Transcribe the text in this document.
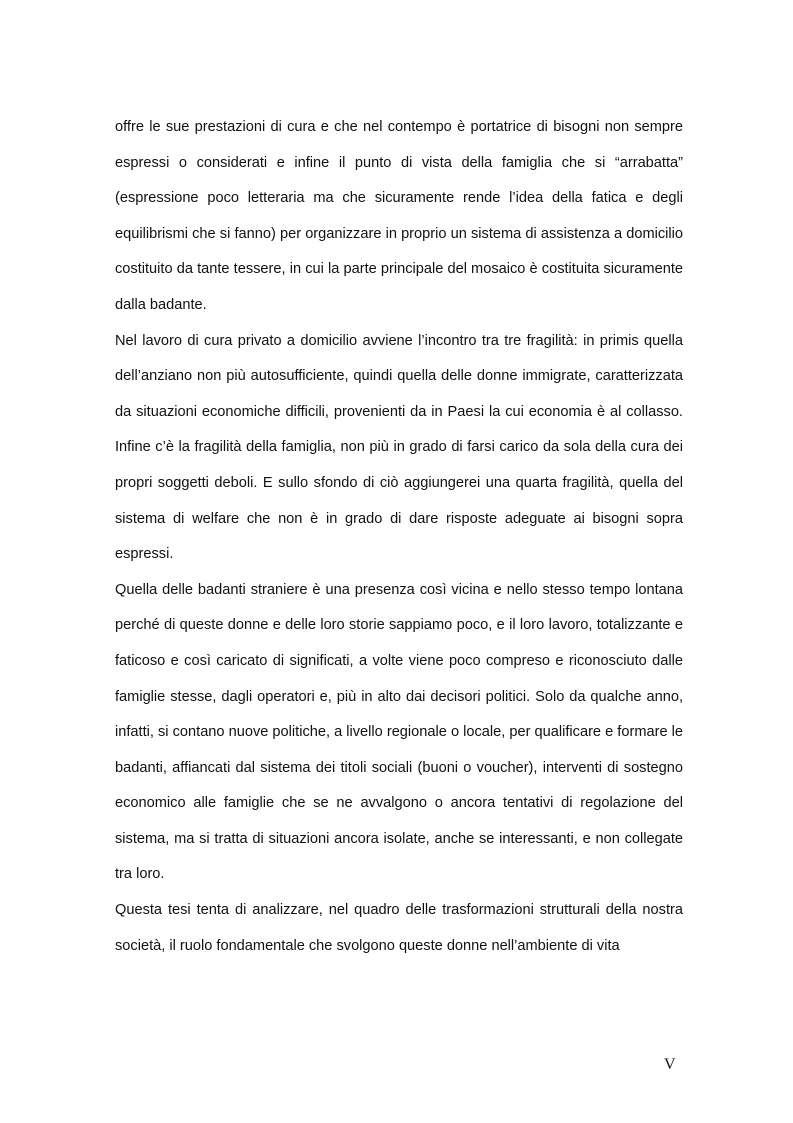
offre le sue prestazioni di cura e che nel contempo è portatrice di bisogni non sempre espressi o considerati e infine il punto di vista della famiglia che si “arrabatta” (espressione poco letteraria ma che sicuramente rende l’idea della fatica e degli equilibrismi che si fanno) per organizzare in proprio un sistema di assistenza a domicilio costituito da tante tessere, in cui la parte principale del mosaico è costituita sicuramente dalla badante.

Nel lavoro di cura privato a domicilio avviene l’incontro tra tre fragilità: in primis quella dell’anziano non più autosufficiente, quindi quella delle donne immigrate, caratterizzata da situazioni economiche difficili, provenienti da in Paesi la cui economia è al collasso. Infine c’è la fragilità della famiglia, non più in grado di farsi carico da sola della cura dei propri soggetti deboli. E sullo sfondo di ciò aggiungerei una quarta fragilità, quella del sistema di welfare che non è in grado di dare risposte adeguate ai bisogni sopra espressi.

Quella delle badanti straniere è una presenza così vicina e nello stesso tempo lontana perché di queste donne e delle loro storie sappiamo poco, e il loro lavoro, totalizzante e faticoso e così caricato di significati, a volte viene poco compreso e riconosciuto dalle famiglie stesse, dagli operatori e, più in alto dai decisori politici. Solo da qualche anno, infatti, si contano nuove politiche, a livello regionale o locale, per qualificare e formare le badanti, affiancati dal sistema dei titoli sociali (buoni o voucher), interventi di sostegno economico alle famiglie che se ne avvalgono o ancora tentativi di regolazione del sistema, ma si tratta di situazioni ancora isolate, anche se interessanti, e non collegate tra loro.

Questa tesi tenta di analizzare, nel quadro delle trasformazioni strutturali della nostra società, il ruolo fondamentale che svolgono queste donne nell’ambiente di vita

V
